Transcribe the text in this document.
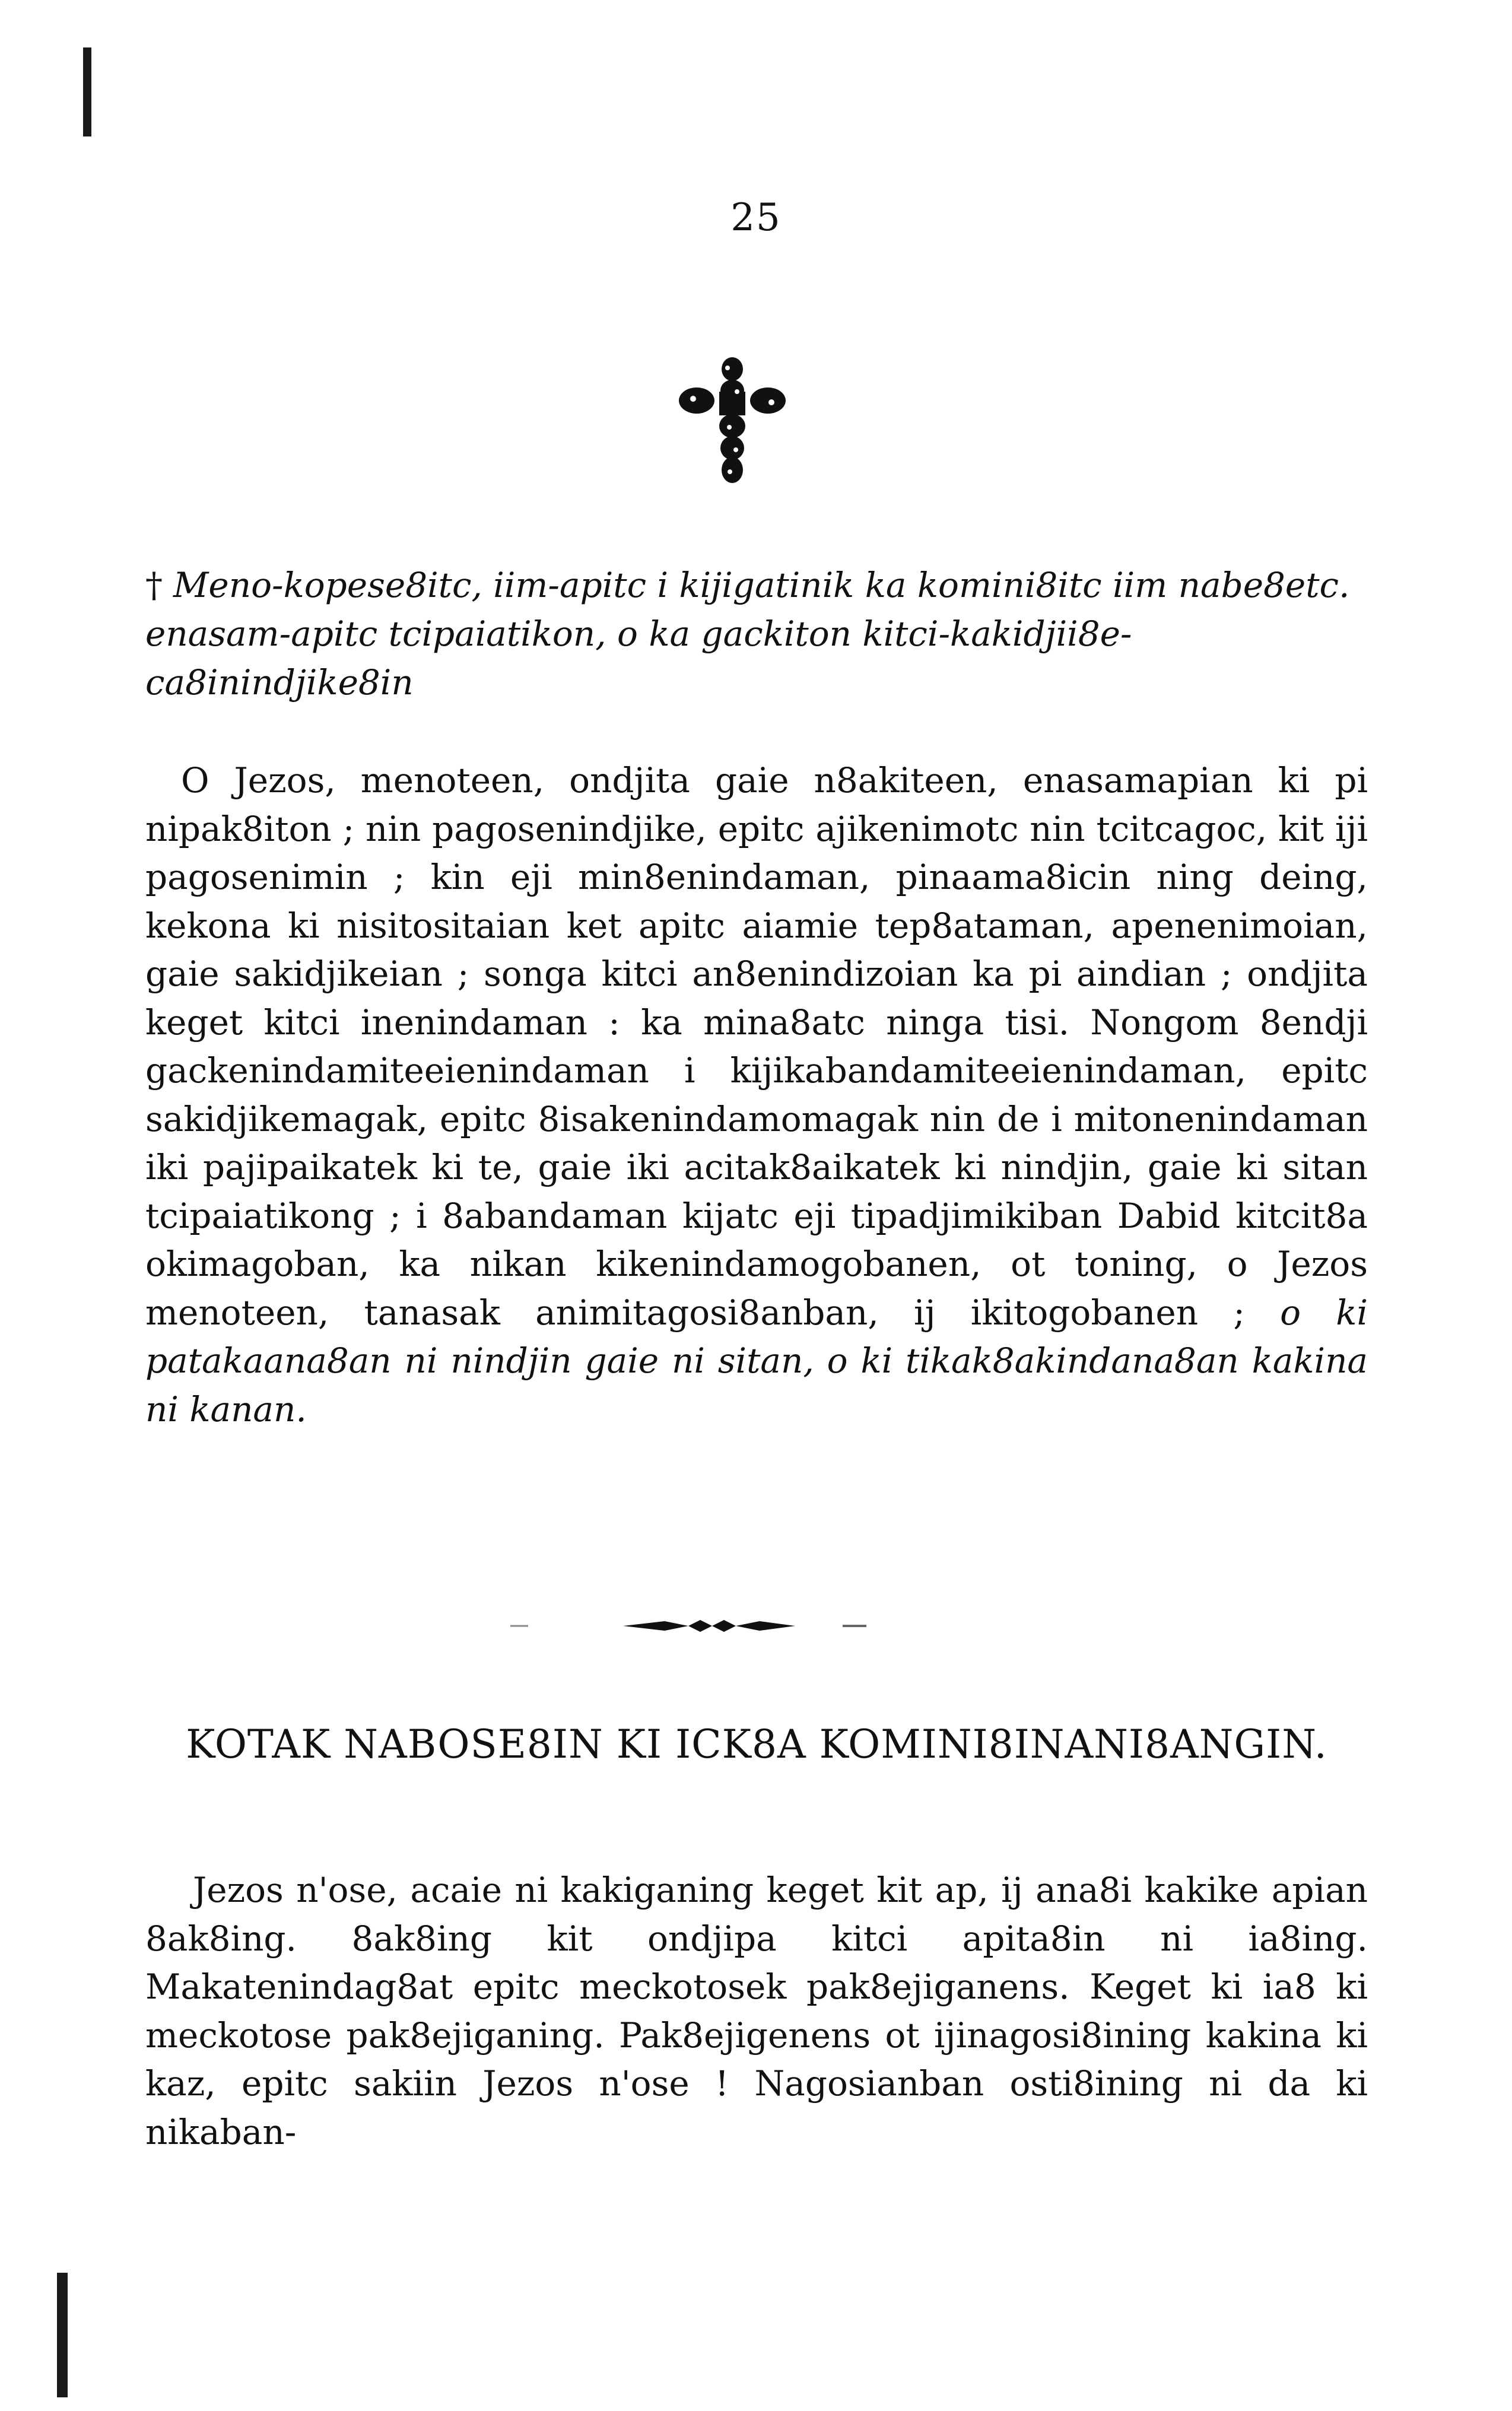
25
† Meno-kopese8itc, iim-apitc i kijigatinik ka komini8itc iim nabe8etc. enasam-apitc tcipaiatikon, o ka gackiton kitci-kakidjii8e-ca8inindjike8in
O Jezos, menoteen, ondjita gaie n8akiteen, enasamapian ki pi nipak8iton ; nin pagosenindjike, epitc ajikenimotc nin tcitcagoc, kit iji pagosenimin ; kin eji min8enindaman, pinaama8icin ning deing, kekona ki nisitositaian ket apitc aiamie tep8ataman, apenenimoian, gaie sakidjikeian ; songa kitci an8enindizoian ka pi aindian ; ondjita keget kitci inenindaman : ka mina8atc ninga tisi. Nongom 8endji gackenindamiteeienindaman i kijikabandamiteeienindaman, epitc sakidjikemagak, epitc 8isakenindamomagak nin de i mitonenindaman iki pajipaikatek ki te, gaie iki acitak8aikatek ki nindjin, gaie ki sitan tcipaiatikong ; i 8abandaman kijatc eji tipadjimikiban Dabid kitcit8a okimagoban, ka nikan kikenindamogobanen, ot toning, o Jezos menoteen, tanasak animitagosi8anban, ij ikitogobanen ; o ki patakaana8an ni nindjin gaie ni sitan, o ki tikak8akindana8an kakina ni kanan.
KOTAK NABOSE8IN KI ICK8A KOMINI8INANI8ANGIN.
Jezos n'ose, acaie ni kakiganing keget kit ap, ij ana8i kakike apian 8ak8ing. 8ak8ing kit ondjipa kitci apita8in ni ia8ing. Makatenindag8at epitc meckotosek pak8ejiganens. Keget ki ia8 ki meckotose pak8ejiganing. Pak8ejigenens ot ijinagosi8ining kakina ki kaz, epitc sakiin Jezos n'ose ! Nagosianban osti8ining ni da ki nikaban-
